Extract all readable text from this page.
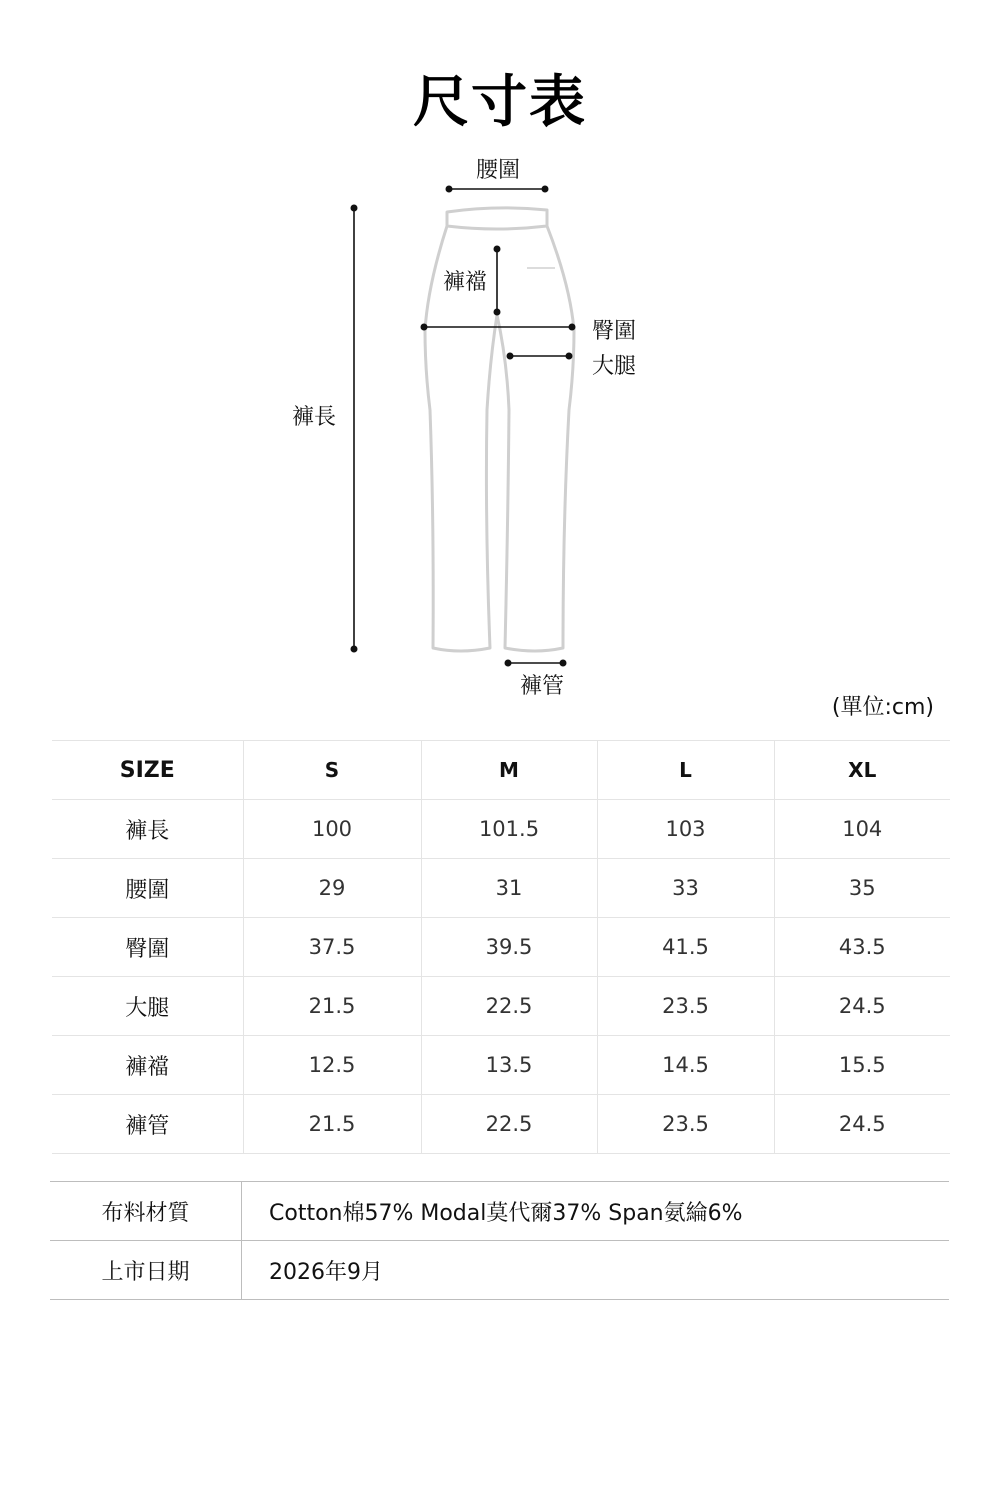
尺寸表
腰圍
褲襠
臀圍
大腿
褲長
褲管
(單位:cm)
SIZE	S	M	L	XL
褲長	100	101.5	103	104
腰圍	29	31	33	35
臀圍	37.5	39.5	41.5	43.5
大腿	21.5	22.5	23.5	24.5
褲襠	12.5	13.5	14.5	15.5
褲管	21.5	22.5	23.5	24.5
布料材質	Cotton棉57% Modal莫代爾37% Span氨綸6%
上市日期	2026年9月
